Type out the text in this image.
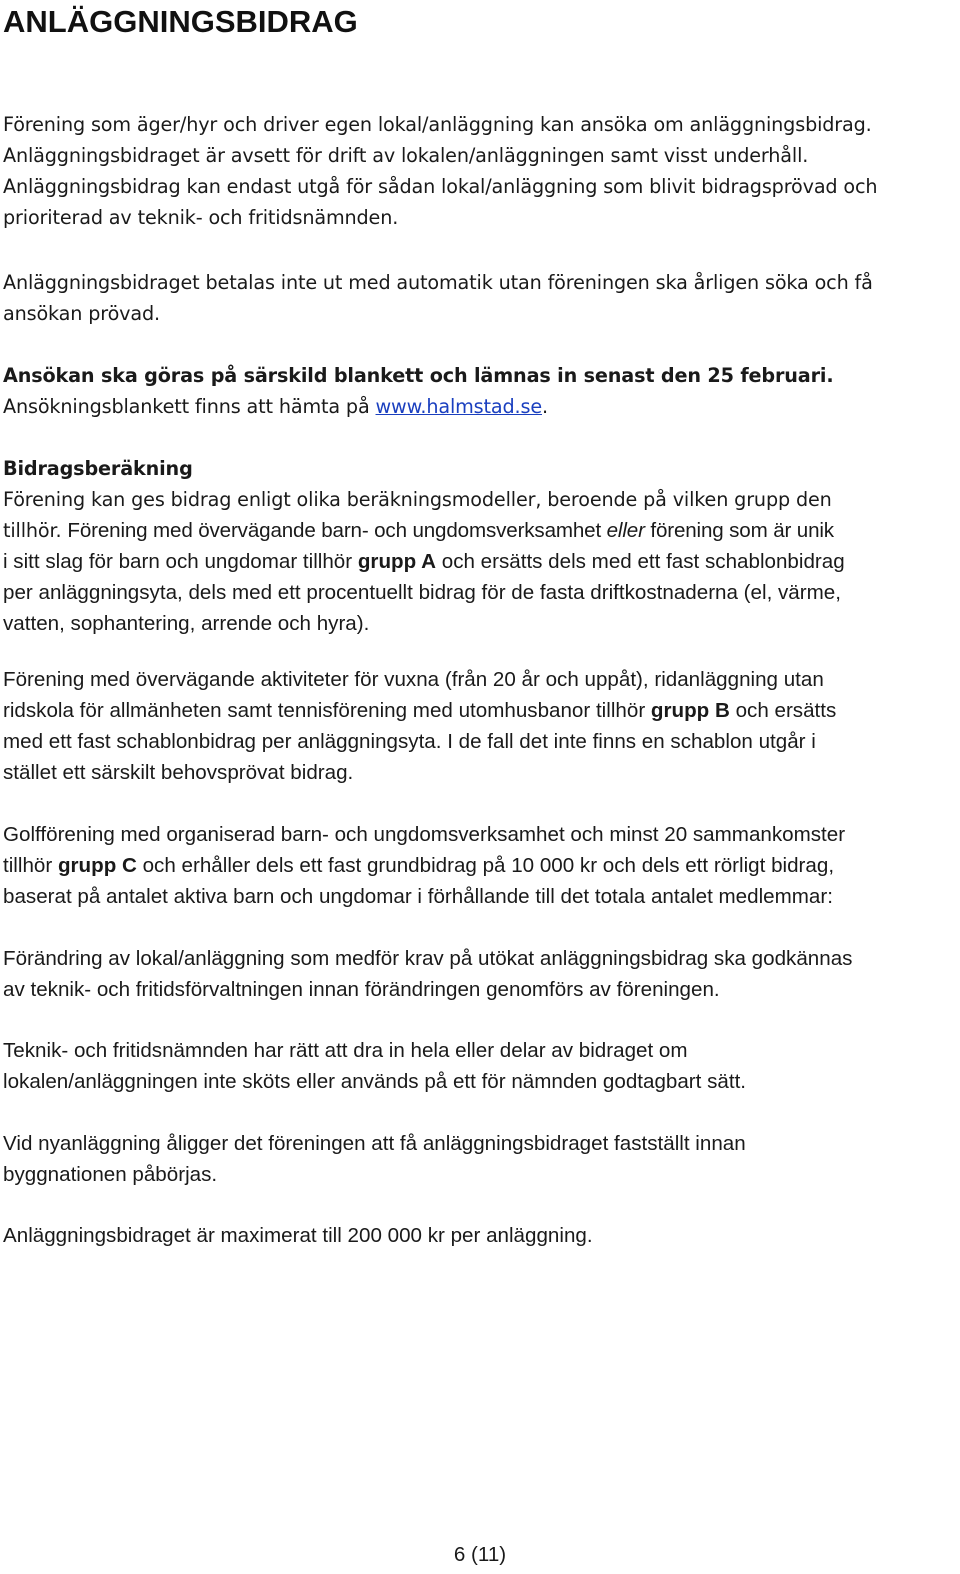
ANLÄGGNINGSBIDRAG
Förening som äger/hyr och driver egen lokal/anläggning kan ansöka om anläggningsbidrag.
Anläggningsbidraget är avsett för drift av lokalen/anläggningen samt visst underhåll.
Anläggningsbidrag kan endast utgå för sådan lokal/anläggning som blivit bidragsprövad och
prioriterad av teknik- och fritidsnämnden.
Anläggningsbidraget betalas inte ut med automatik utan föreningen ska årligen söka och få
ansökan prövad.
Ansökan ska göras på särskild blankett och lämnas in senast den 25 februari.
Ansökningsblankett finns att hämta på www.halmstad.se.
Bidragsberäkning
Förening kan ges bidrag enligt olika beräkningsmodeller, beroende på vilken grupp den
tillhör. Förening med övervägande barn- och ungdomsverksamhet eller förening som är unik
i sitt slag för barn och ungdomar tillhör grupp A och ersätts dels med ett fast schablonbidrag
per anläggningsyta, dels med ett procentuellt bidrag för de fasta driftkostnaderna (el, värme,
vatten, sophantering, arrende och hyra).
Förening med övervägande aktiviteter för vuxna (från 20 år och uppåt), ridanläggning utan
ridskola för allmänheten samt tennisförening med utomhusbanor tillhör grupp B och ersätts
med ett fast schablonbidrag per anläggningsyta. I de fall det inte finns en schablon utgår i
stället ett särskilt behovsprövat bidrag.
Golfförening med organiserad barn- och ungdomsverksamhet och minst 20 sammankomster
tillhör grupp C och erhåller dels ett fast grundbidrag på 10 000 kr och dels ett rörligt bidrag,
baserat på antalet aktiva barn och ungdomar i förhållande till det totala antalet medlemmar:
Förändring av lokal/anläggning som medför krav på utökat anläggningsbidrag ska godkännas
av teknik- och fritidsförvaltningen innan förändringen genomförs av föreningen.
Teknik- och fritidsnämnden har rätt att dra in hela eller delar av bidraget om
lokalen/anläggningen inte sköts eller används på ett för nämnden godtagbart sätt.
Vid nyanläggning åligger det föreningen att få anläggningsbidraget fastställt innan
byggnationen påbörjas.
Anläggningsbidraget är maximerat till 200 000 kr per anläggning.
6 (11)
